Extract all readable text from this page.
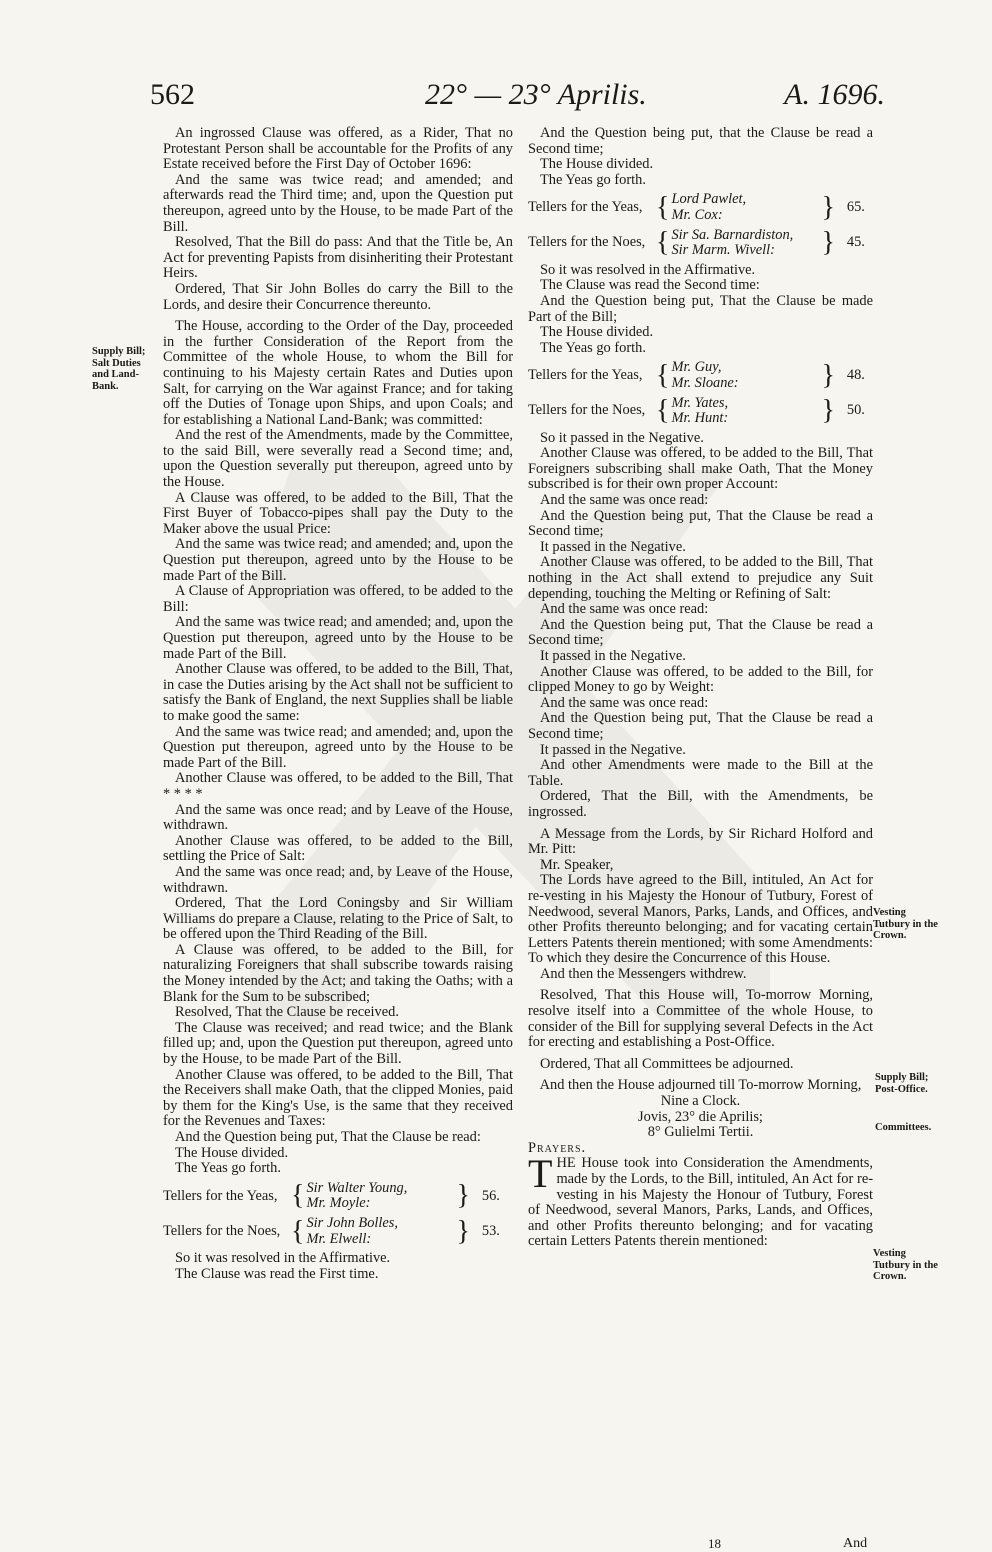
562	22° — 23° Aprilis.	A. 1696.
Supply Bill; Salt Duties and Land-Bank.
Vesting Tutbury in the Crown.
Supply Bill; Post-Office.
Committees.
Vesting Tutbury in the Crown.

An ingrossed Clause was offered, as a Rider, That no Protestant Person shall be accountable for the Profits of any Estate received before the First Day of October 1696:

And the same was twice read; and amended; and afterwards read the Third time; and, upon the Question put thereupon, agreed unto by the House, to be made Part of the Bill.

Resolved, That the Bill do pass: And that the Title be, An Act for preventing Papists from disinheriting their Protestant Heirs.

Ordered, That Sir John Bolles do carry the Bill to the Lords, and desire their Concurrence thereunto.

The House, according to the Order of the Day, proceeded in the further Consideration of the Report from the Committee of the whole House, to whom the Bill for continuing to his Majesty certain Rates and Duties upon Salt, for carrying on the War against France; and for taking off the Duties of Tonage upon Ships, and upon Coals; and for establishing a National Land-Bank; was committed:

And the rest of the Amendments, made by the Committee, to the said Bill, were severally read a Second time; and, upon the Question severally put thereupon, agreed unto by the House.

A Clause was offered, to be added to the Bill, That the First Buyer of Tobacco-pipes shall pay the Duty to the Maker above the usual Price:

And the same was twice read; and amended; and, upon the Question put thereupon, agreed unto by the House to be made Part of the Bill.

A Clause of Appropriation was offered, to be added to the Bill:

And the same was twice read; and amended; and, upon the Question put thereupon, agreed unto by the House to be made Part of the Bill.

Another Clause was offered, to be added to the Bill, That, in case the Duties arising by the Act shall not be sufficient to satisfy the Bank of England, the next Supplies shall be liable to make good the same:

And the same was twice read; and amended; and, upon the Question put thereupon, agreed unto by the House to be made Part of the Bill.

Another Clause was offered, to be added to the Bill, That * * * *

And the same was once read; and by Leave of the House, withdrawn.

Another Clause was offered, to be added to the Bill, settling the Price of Salt:

And the same was once read; and, by Leave of the House, withdrawn.

Ordered, That the Lord Coningsby and Sir William Williams do prepare a Clause, relating to the Price of Salt, to be offered upon the Third Reading of the Bill.

A Clause was offered, to be added to the Bill, for naturalizing Foreigners that shall subscribe towards raising the Money intended by the Act; and taking the Oaths; with a Blank for the Sum to be subscribed;

Resolved, That the Clause be received.

The Clause was received; and read twice; and the Blank filled up; and, upon the Question put thereupon, agreed unto by the House, to be made Part of the Bill.

Another Clause was offered, to be added to the Bill, That the Receivers shall make Oath, that the clipped Monies, paid by them for the King's Use, is the same that they received for the Revenues and Taxes:

And the Question being put, That the Clause be read:

The House divided.

The Yeas go forth.

Tellers for the Yeas, { Sir Walter Young,
Mr. Moyle:	} 56.
Tellers for the Noes, { Sir John Bolles,
Mr. Elwell:	} 53.

So it was resolved in the Affirmative.

The Clause was read the First time.

And the Question being put, that the Clause be read a Second time;

The House divided.

The Yeas go forth.

Tellers for the Yeas, { Lord Pawlet,
Mr. Cox:	} 65.
Tellers for the Noes, { Sir Sa. Barnardiston,
Sir Marm. Wivell:	} 45.

So it was resolved in the Affirmative.

The Clause was read the Second time:

And the Question being put, That the Clause be made Part of the Bill;

The House divided.

The Yeas go forth.

Tellers for the Yeas, { Mr. Guy,
Mr. Sloane:	} 48.
Tellers for the Noes, { Mr. Yates,
Mr. Hunt:	} 50.

So it passed in the Negative.

Another Clause was offered, to be added to the Bill, That Foreigners subscribing shall make Oath, That the Money subscribed is for their own proper Account:

And the same was once read:

And the Question being put, That the Clause be read a Second time;

It passed in the Negative.

Another Clause was offered, to be added to the Bill, That nothing in the Act shall extend to prejudice any Suit depending, touching the Melting or Refining of Salt:

And the same was once read:

And the Question being put, That the Clause be read a Second time;

It passed in the Negative.

Another Clause was offered, to be added to the Bill, for clipped Money to go by Weight:

And the same was once read:

And the Question being put, That the Clause be read a Second time;

It passed in the Negative.

And other Amendments were made to the Bill at the Table.

Ordered, That the Bill, with the Amendments, be ingrossed.

A Message from the Lords, by Sir Richard Holford and Mr. Pitt:

Mr. Speaker,

The Lords have agreed to the Bill, intituled, An Act for re-vesting in his Majesty the Honour of Tutbury, Forest of Needwood, several Manors, Parks, Lands, and Offices, and other Profits thereunto belonging; and for vacating certain Letters Patents therein mentioned; with some Amendments: To which they desire the Concurrence of this House.

And then the Messengers withdrew.

Resolved, That this House will, To-morrow Morning, resolve itself into a Committee of the whole House, to consider of the Bill for supplying several Defects in the Act for erecting and establishing a Post-Office.

Ordered, That all Committees be adjourned.

And then the House adjourned till To-morrow Morning, Nine a Clock.

Jovis, 23° die Aprilis;

8° Gulielmi Tertii.

Prayers.

THE House took into Consideration the Amendments, made by the Lords, to the Bill, intituled, An Act for re-vesting in his Majesty the Honour of Tutbury, Forest of Needwood, several Manors, Parks, Lands, and Offices, and other Profits thereunto belonging; and for vacating certain Letters Patents therein mentioned:

18	And
